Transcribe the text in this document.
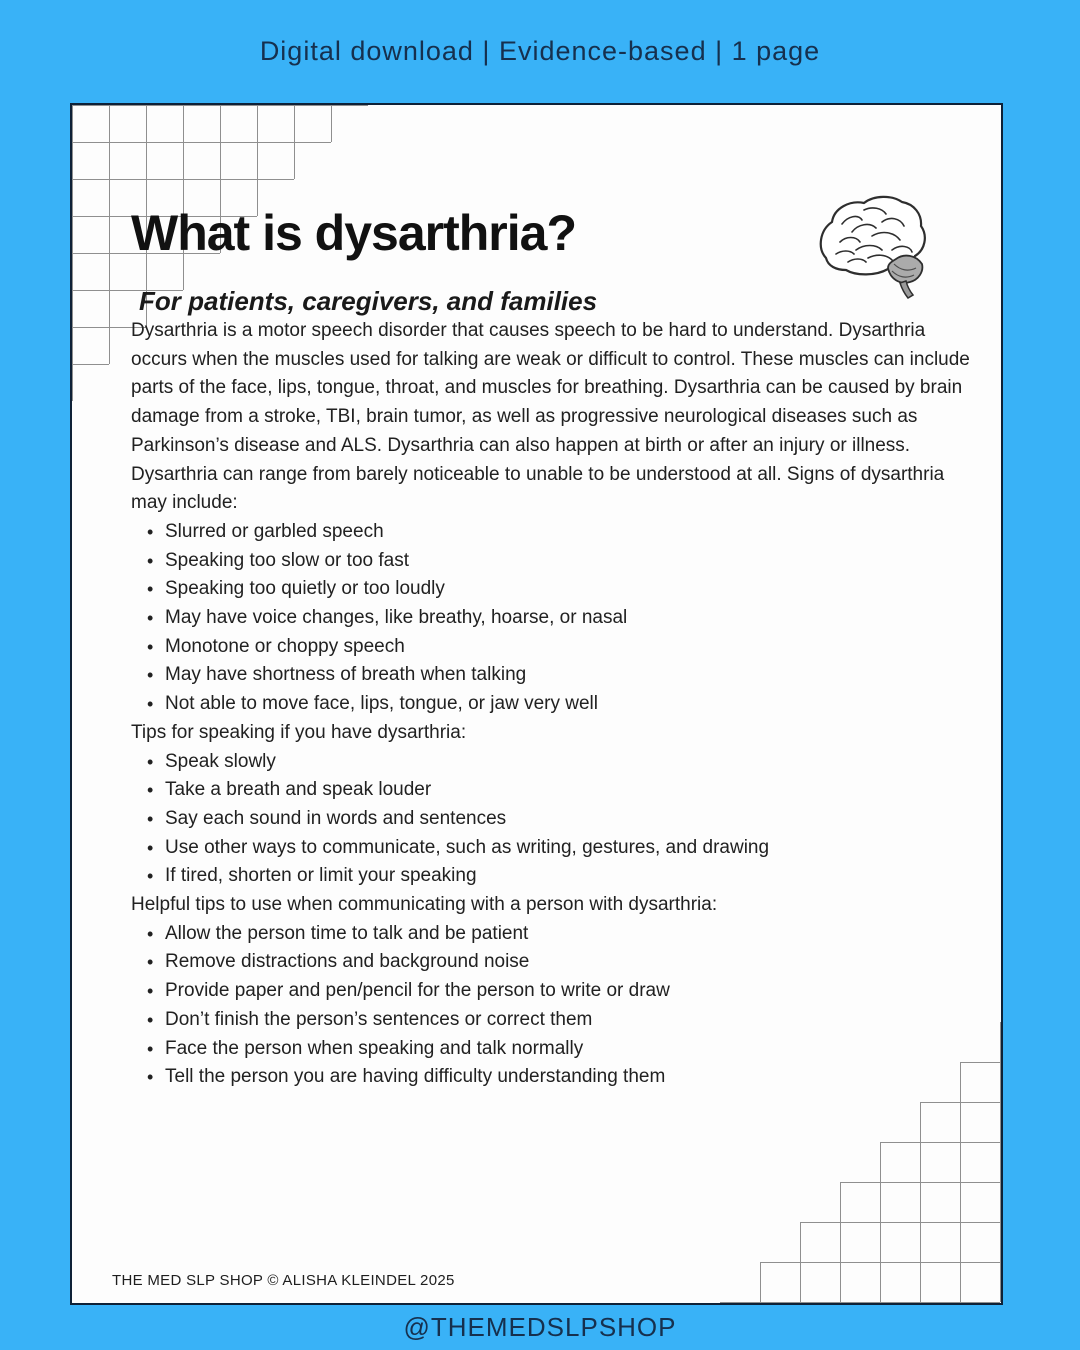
Digital download | Evidence-based | 1 page
What is dysarthria?
For patients, caregivers, and families

Dysarthria is a motor speech disorder that causes speech to be hard to understand. Dysarthria occurs when the muscles used for talking are weak or difficult to control. These muscles can include parts of the face, lips, tongue, throat, and muscles for breathing. Dysarthria can be caused by brain damage from a stroke, TBI, brain tumor, as well as progressive neurological diseases such as Parkinson’s disease and ALS. Dysarthria can also happen at birth or after an injury or illness.

Dysarthria can range from barely noticeable to unable to be understood at all. Signs of dysarthria may include:

• Slurred or garbled speech
• Speaking too slow or too fast
• Speaking too quietly or too loudly
• May have voice changes, like breathy, hoarse, or nasal
• Monotone or choppy speech
• May have shortness of breath when talking
• Not able to move face, lips, tongue, or jaw very well

Tips for speaking if you have dysarthria:

• Speak slowly
• Take a breath and speak louder
• Say each sound in words and sentences
• Use other ways to communicate, such as writing, gestures, and drawing
• If tired, shorten or limit your speaking

Helpful tips to use when communicating with a person with dysarthria:

• Allow the person time to talk and be patient
• Remove distractions and background noise
• Provide paper and pen/pencil for the person to write or draw
• Don’t finish the person’s sentences or correct them
• Face the person when speaking and talk normally
• Tell the person you are having difficulty understanding them
THE MED SLP SHOP © ALISHA KLEINDEL 2025
@THEMEDSLPSHOP
